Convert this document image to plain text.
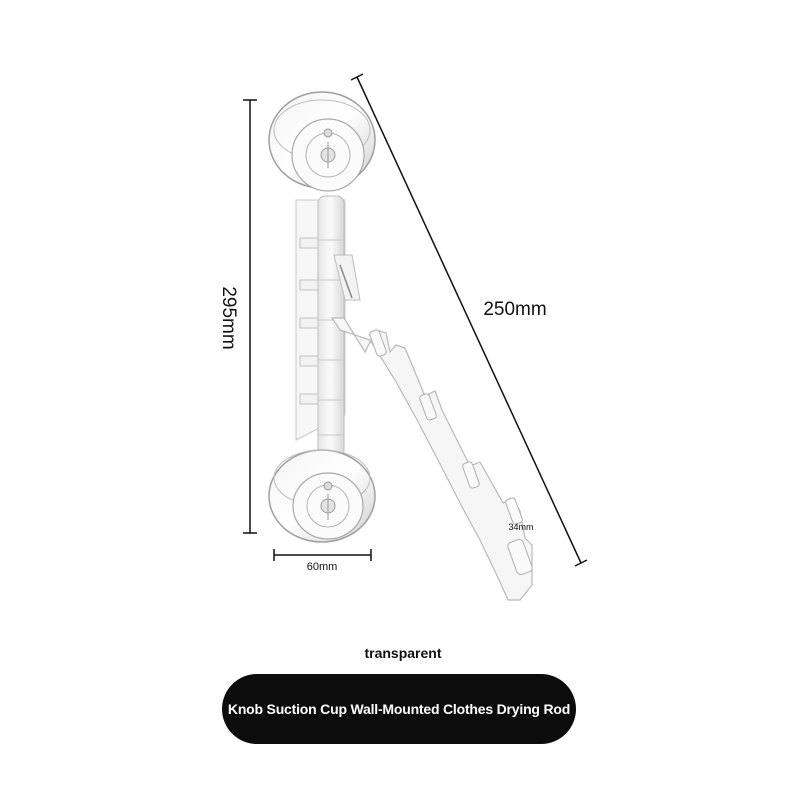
295mm	250mm
60mm
34mm
transparent
Knob Suction Cup Wall-Mounted Clothes Drying Rod
